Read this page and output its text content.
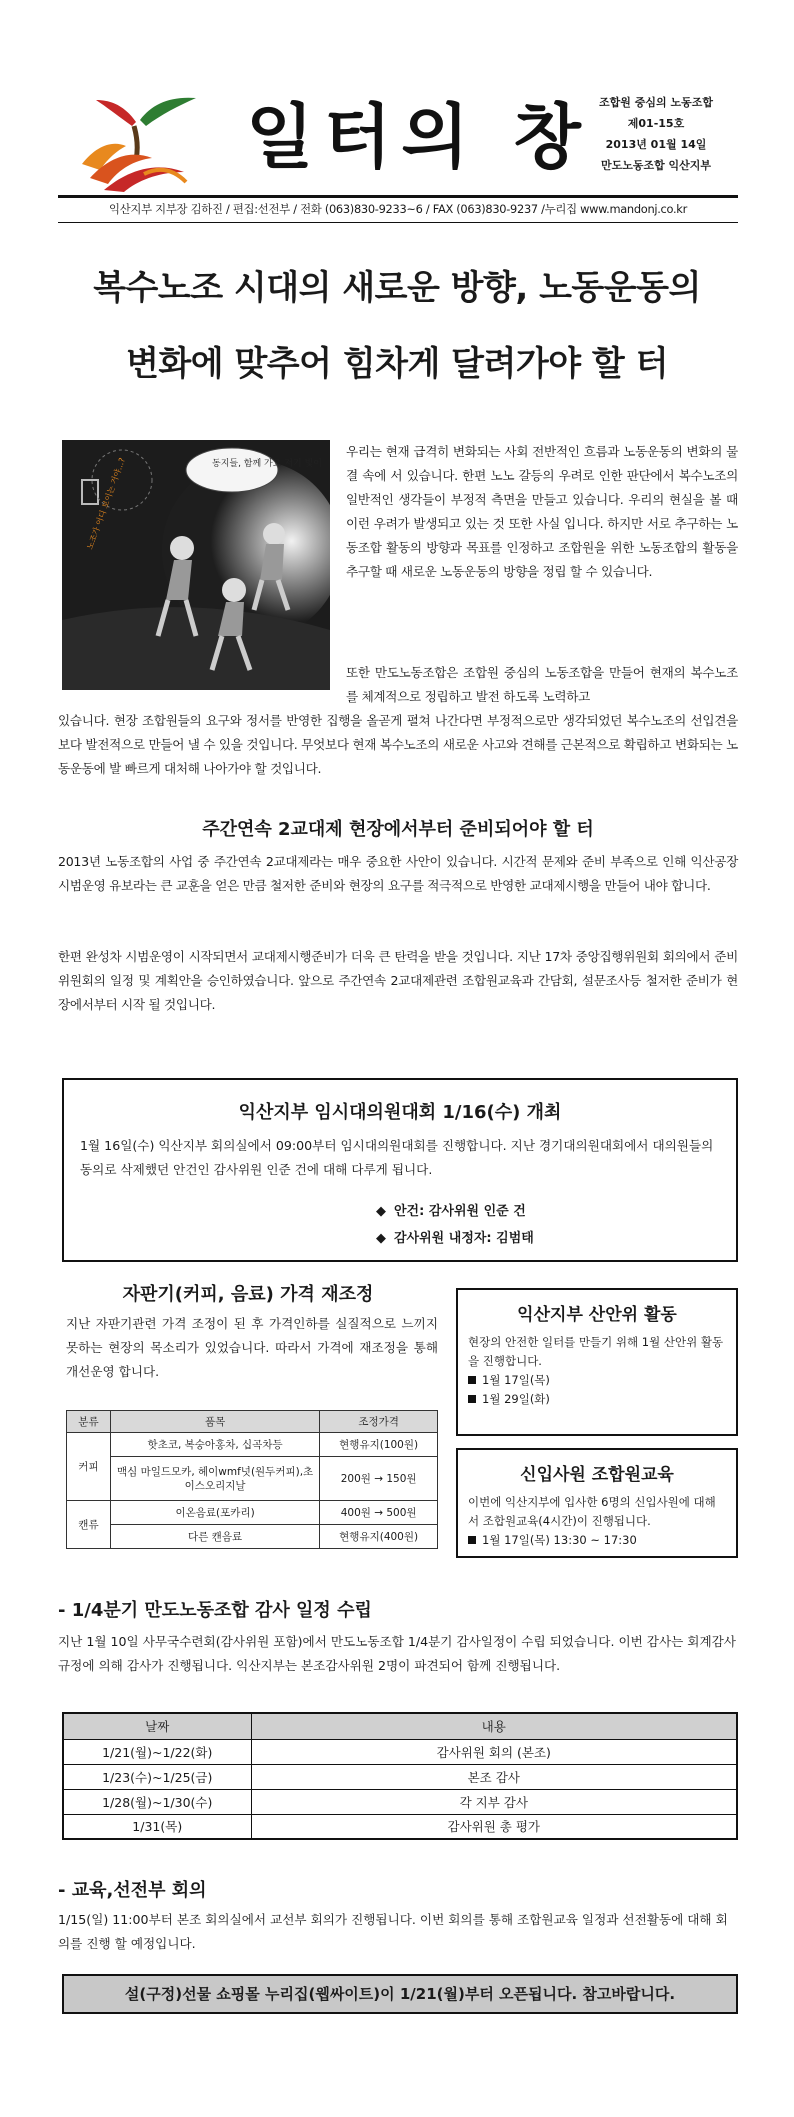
일터의 창 조합원 중심의 노동조합
제01-15호
2013년 01월 14일
만도노동조합 익산지부
익산지부 지부장 김하진 / 편집:선전부 / 전화 (063)830-9233~6 / FAX (063)830-9237 /누리집 www.mandonj.co.kr
복수노조 시대의 새로운 방향, 노동운동의
변화에 맞추어 힘차게 달려가야 할 터
동지들, 함께 가요 저기 빛이
노조가 어디 보이는 거야...?
우리는 현재 급격히 변화되는 사회 전반적인 흐름과 노동운동의 변화의 물결 속에 서 있습니다. 한편 노노 갈등의 우려로 인한 판단에서 복수노조의 일반적인 생각들이 부정적 측면을 만들고 있습니다. 우리의 현실을 볼 때 이런 우려가 발생되고 있는 것 또한 사실 입니다. 하지만 서로 추구하는 노동조합 활동의 방향과 목표를 인정하고 조합원을 위한 노동조합의 활동을 추구할 때 새로운 노동운동의 방향을 정립 할 수 있습니다.
또한 만도노동조합은 조합원 중심의 노동조합을 만들어 현재의 복수노조를 체계적으로 정립하고 발전 하도록 노력하고
있습니다. 현장 조합원들의 요구와 정서를 반영한 집행을 올곧게 펼쳐 나간다면 부정적으로만 생각되었던 복수노조의 선입견을 보다 발전적으로 만들어 낼 수 있을 것입니다. 무엇보다 현재 복수노조의 새로운 사고와 견해를 근본적으로 확립하고 변화되는 노동운동에 발 빠르게 대처해 나아가야 할 것입니다.
주간연속 2교대제 현장에서부터 준비되어야 할 터
2013년 노동조합의 사업 중 주간연속 2교대제라는 매우 중요한 사안이 있습니다. 시간적 문제와 준비 부족으로 인해 익산공장 시범운영 유보라는 큰 교훈을 얻은 만큼 철저한 준비와 현장의 요구를 적극적으로 반영한 교대제시행을 만들어 내야 합니다.
한편 완성차 시범운영이 시작되면서 교대제시행준비가 더욱 큰 탄력을 받을 것입니다. 지난 17차 중앙집행위원회 회의에서 준비위원회의 일정 및 계획안을 승인하였습니다. 앞으로 주간연속 2교대제관련 조합원교육과 간담회, 설문조사등 철저한 준비가 현장에서부터 시작 될 것입니다.
익산지부 임시대의원대회 1/16(수) 개최
1월 16일(수) 익산지부 회의실에서 09:00부터 임시대의원대회를 진행합니다. 지난 경기대의원대회에서 대의원들의 동의로 삭제했던 안건인 감사위원 인준 건에 대해 다루게 됩니다.
◆ 안건: 감사위원 인준 건
◆ 감사위원 내정자: 김범태
자판기(커피, 음료) 가격 재조정
지난 자판기관련 가격 조정이 된 후 가격인하를 실질적으로 느끼지 못하는 현장의 목소리가 있었습니다. 따라서 가격에 재조정을 통해 개선운영 합니다.
분류	품목	조정가격
커피	핫초코, 복숭아홍차, 십곡차등	현행유지(100원)
	맥심 마일드모카, 헤이wmf넛(원두커피),초이스오리지날	200원 → 150원
캔류	이온음료(포카리)	400원 → 500원
	다른 캔음료	현행유지(400원)
익산지부 산안위 활동
현장의 안전한 일터를 만들기 위해 1월 산안위 활동을 진행합니다.
1월 17일(목)
1월 29일(화)
신입사원 조합원교육
이번에 익산지부에 입사한 6명의 신입사원에 대해서 조합원교육(4시간)이 진행됩니다.
1월 17일(목) 13:30 ~ 17:30
- 1/4분기 만도노동조합 감사 일정 수립
지난 1월 10일 사무국수련회(감사위원 포함)에서 만도노동조합 1/4분기 감사일정이 수립 되었습니다. 이번 감사는 회계감사규정에 의해 감사가 진행됩니다. 익산지부는 본조감사위원 2명이 파견되어 함께 진행됩니다.
날짜	내용
1/21(월)~1/22(화)	감사위원 회의 (본조)
1/23(수)~1/25(금)	본조 감사
1/28(월)~1/30(수)	각 지부 감사
1/31(목)	감사위원 총 평가
- 교육,선전부 회의
1/15(일) 11:00부터 본조 회의실에서 교선부 회의가 진행됩니다. 이번 회의를 통해 조합원교육 일정과 선전활동에 대해 회의를 진행 할 예정입니다.
설(구정)선물 쇼핑몰 누리집(웹싸이트)이 1/21(월)부터 오픈됩니다. 참고바랍니다.
